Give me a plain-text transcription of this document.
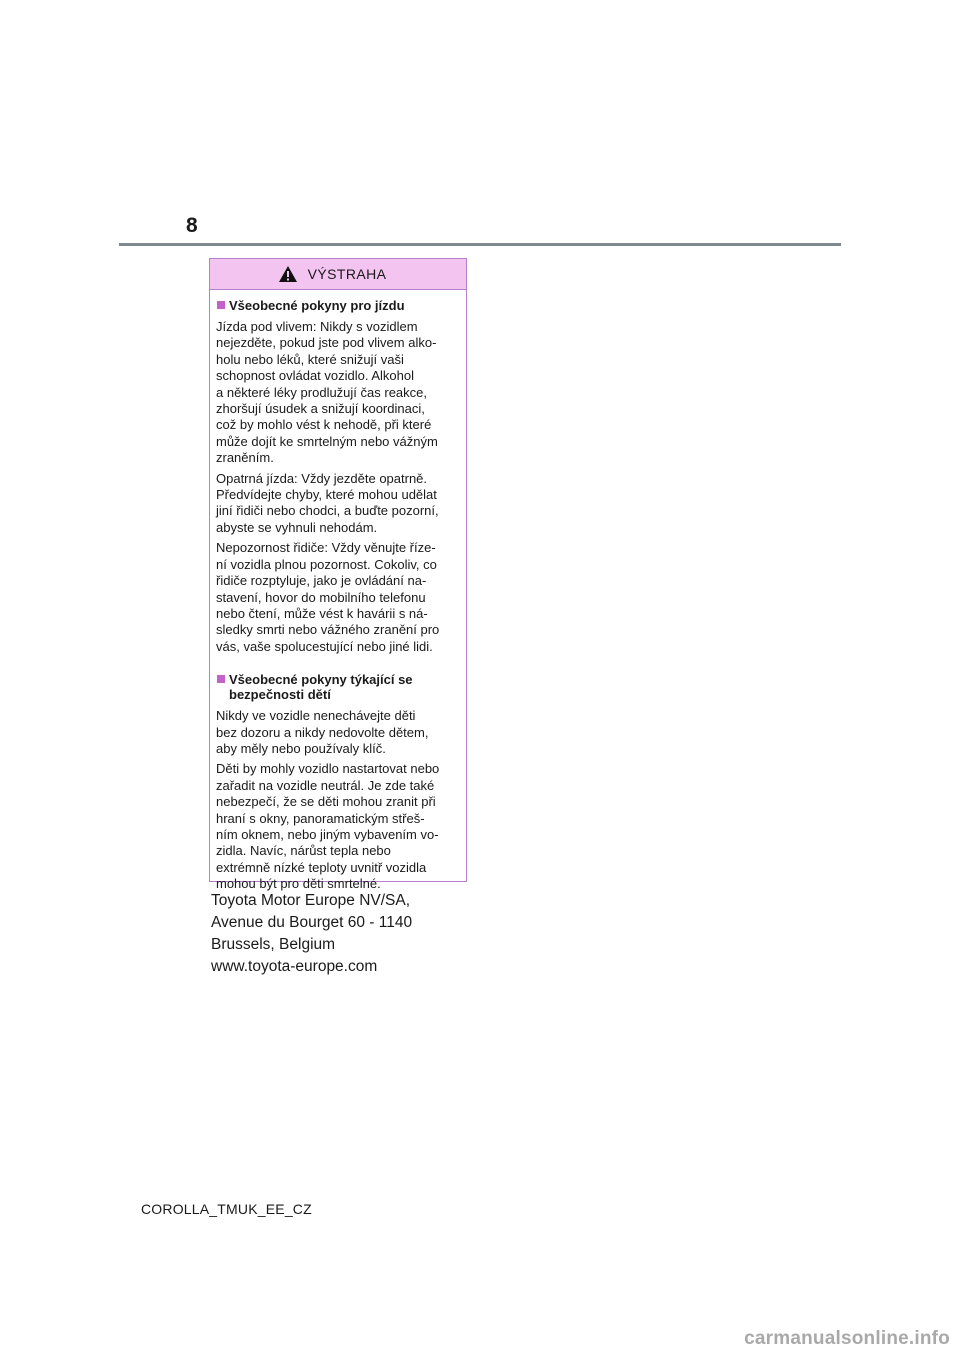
8
VÝSTRAHA
Všeobecné pokyny pro jízdu

Jízda pod vlivem: Nikdy s vozidlem
nejezděte, pokud jste pod vlivem alko-
holu nebo léků, které snižují vaši
schopnost ovládat vozidlo. Alkohol
a některé léky prodlužují čas reakce,
zhoršují úsudek a snižují koordinaci,
což by mohlo vést k nehodě, při které
může dojít ke smrtelným nebo vážným
zraněním.

Opatrná jízda: Vždy jezděte opatrně.
Předvídejte chyby, které mohou udělat
jiní řidiči nebo chodci, a buďte pozorní,
abyste se vyhnuli nehodám.

Nepozornost řidiče: Vždy věnujte říze-
ní vozidla plnou pozornost. Cokoliv, co
řidiče rozptyluje, jako je ovládání na-
stavení, hovor do mobilního telefonu
nebo čtení, může vést k havárii s ná-
sledky smrti nebo vážného zranění pro
vás, vaše spolucestující nebo jiné lidi.

Všeobecné pokyny týkající se
bezpečnosti dětí

Nikdy ve vozidle nenechávejte děti
bez dozoru a nikdy nedovolte dětem,
aby měly nebo používaly klíč.

Děti by mohly vozidlo nastartovat nebo
zařadit na vozidle neutrál. Je zde také
nebezpečí, že se děti mohou zranit při
hraní s okny, panoramatickým střeš-
ním oknem, nebo jiným vybavením vo-
zidla. Navíc, nárůst tepla nebo
extrémně nízké teploty uvnitř vozidla
mohou být pro děti smrtelné.

Toyota Motor Europe NV/SA,
Avenue du Bourget 60 - 1140
Brussels, Belgium
www.toyota-europe.com
COROLLA_TMUK_EE_CZ
carmanualsonline.info
